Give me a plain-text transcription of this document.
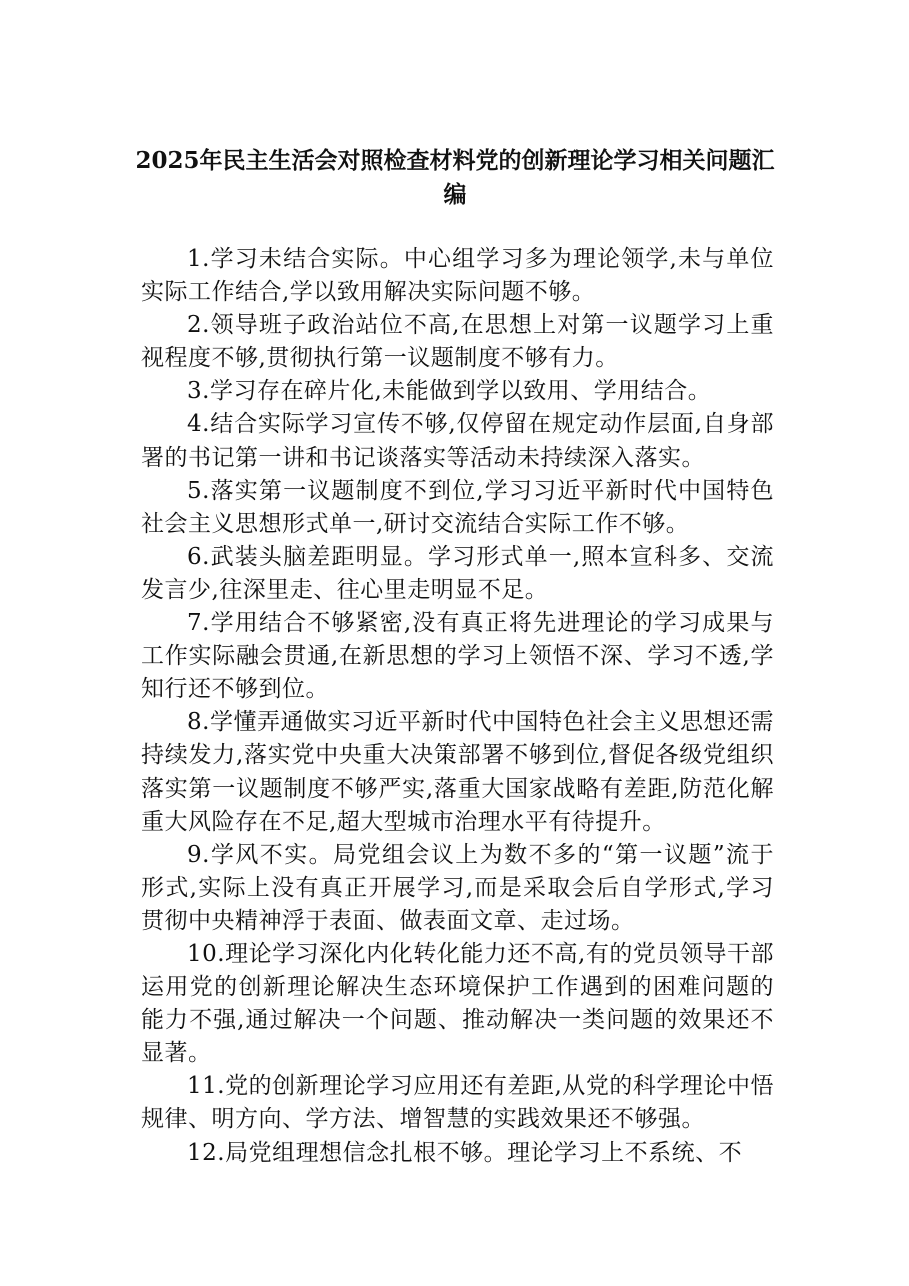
2025年民主生活会对照检查材料党的创新理论学习相关问题汇编

1.学习未结合实际。中心组学习多为理论领学,未与单位实际工作结合,学以致用解决实际问题不够。

2.领导班子政治站位不高,在思想上对第一议题学习上重视程度不够,贯彻执行第一议题制度不够有力。

3.学习存在碎片化,未能做到学以致用、学用结合。

4.结合实际学习宣传不够,仅停留在规定动作层面,自身部署的书记第一讲和书记谈落实等活动未持续深入落实。

5.落实第一议题制度不到位,学习习近平新时代中国特色社会主义思想形式单一,研讨交流结合实际工作不够。

6.武装头脑差距明显。学习形式单一,照本宣科多、交流发言少,往深里走、往心里走明显不足。

7.学用结合不够紧密,没有真正将先进理论的学习成果与工作实际融会贯通,在新思想的学习上领悟不深、学习不透,学知行还不够到位。

8.学懂弄通做实习近平新时代中国特色社会主义思想还需持续发力,落实党中央重大决策部署不够到位,督促各级党组织落实第一议题制度不够严实,落重大国家战略有差距,防范化解重大风险存在不足,超大型城市治理水平有待提升。

9.学风不实。局党组会议上为数不多的“第一议题”流于形式,实际上没有真正开展学习,而是采取会后自学形式,学习贯彻中央精神浮于表面、做表面文章、走过场。

10.理论学习深化内化转化能力还不高,有的党员领导干部运用党的创新理论解决生态环境保护工作遇到的困难问题的能力不强,通过解决一个问题、推动解决一类问题的效果还不显著。

11.党的创新理论学习应用还有差距,从党的科学理论中悟规律、明方向、学方法、增智慧的实践效果还不够强。

12.局党组理想信念扎根不够。理论学习上不系统、不
